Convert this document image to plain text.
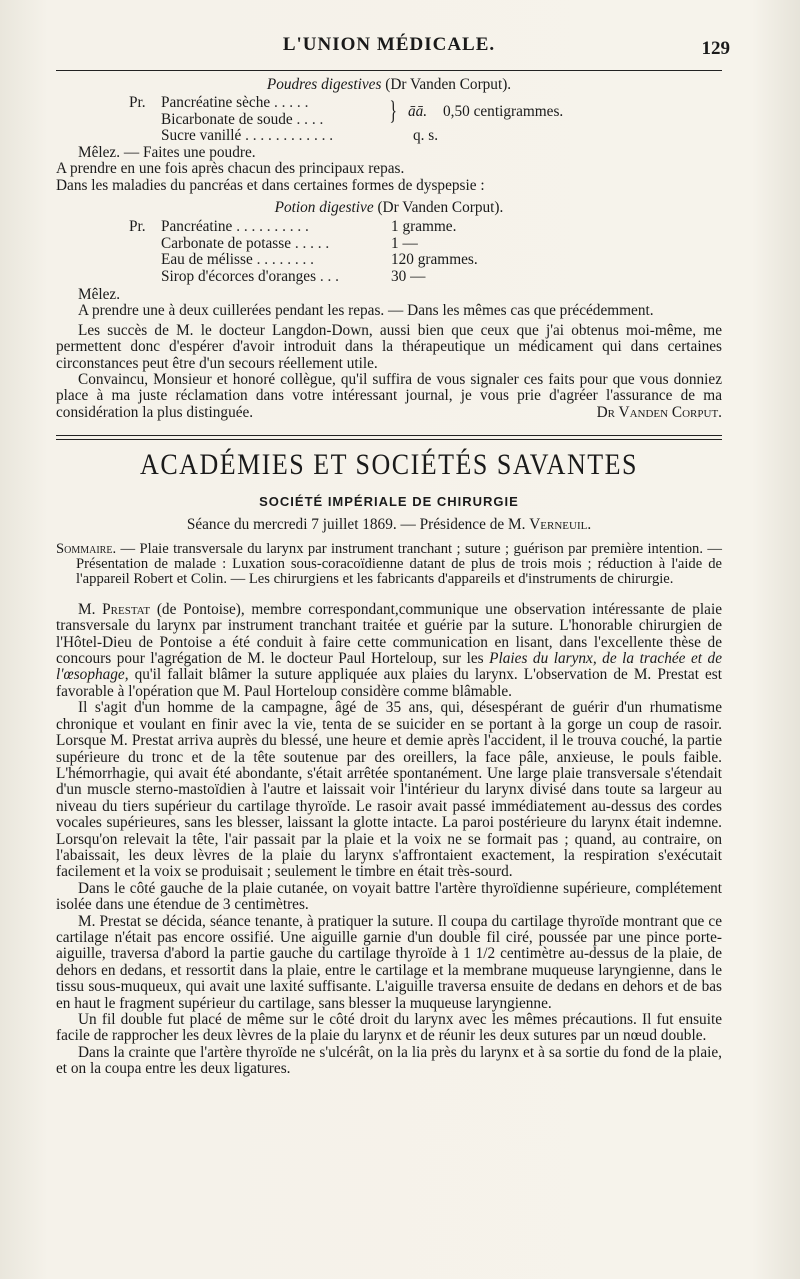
L'UNION MÉDICALE.	129
Poudres digestives (Dr Vanden Corput).
Pr. Pancréatine sèche . . . . .
Bicarbonate de soude . . . .	} āā. 0,50 centigrammes.
Sucre vanillé . . . . . . . . . . . .	q. s.
Mêlez. — Faites une poudre.
A prendre en une fois après chacun des principaux repas.
Dans les maladies du pancréas et dans certaines formes de dyspepsie :
Potion digestive (Dr Vanden Corput).
Pr. Pancréatine . . . . . . . . . .	1 gramme.
Carbonate de potasse . . . . .	1 —
Eau de mélisse . . . . . . . .	120 grammes.
Sirop d'écorces d'oranges . . .	30 —
Mêlez.

A prendre une à deux cuillerées pendant les repas. — Dans les mêmes cas que précédemment.

Les succès de M. le docteur Langdon-Down, aussi bien que ceux que j'ai obtenus moi-même, me permettent donc d'espérer d'avoir introduit dans la thérapeutique un médicament qui dans certaines circonstances peut être d'un secours réellement utile.

Convaincu, Monsieur et honoré collègue, qu'il suffira de vous signaler ces faits pour que vous donniez place à ma juste réclamation dans votre intéressant journal, je vous prie d'agréer l'assurance de ma considération la plus distinguée.	Dr Vanden Corput.

ACADÉMIES ET SOCIÉTÉS SAVANTES
SOCIÉTÉ IMPÉRIALE DE CHIRURGIE
Séance du mercredi 7 juillet 1869. — Présidence de M. Verneuil.

Sommaire. — Plaie transversale du larynx par instrument tranchant ; suture ; guérison par première intention. — Présentation de malade : Luxation sous-coracoïdienne datant de plus de trois mois ; réduction à l'aide de l'appareil Robert et Colin. — Les chirurgiens et les fabricants d'appareils et d'instruments de chirurgie.

M. Prestat (de Pontoise), membre correspondant,communique une observation intéressante de plaie transversale du larynx par instrument tranchant traitée et guérie par la suture. L'honorable chirurgien de l'Hôtel-Dieu de Pontoise a été conduit à faire cette communication en lisant, dans l'excellente thèse de concours pour l'agrégation de M. le docteur Paul Horteloup, sur les Plaies du larynx, de la trachée et de l'œsophage, qu'il fallait blâmer la suture appliquée aux plaies du larynx. L'observation de M. Prestat est favorable à l'opération que M. Paul Horteloup considère comme blâmable.

Il s'agit d'un homme de la campagne, âgé de 35 ans, qui, désespérant de guérir d'un rhumatisme chronique et voulant en finir avec la vie, tenta de se suicider en se portant à la gorge un coup de rasoir. Lorsque M. Prestat arriva auprès du blessé, une heure et demie après l'accident, il le trouva couché, la partie supérieure du tronc et de la tête soutenue par des oreillers, la face pâle, anxieuse, le pouls faible. L'hémorrhagie, qui avait été abondante, s'était arrêtée spontanément. Une large plaie transversale s'étendait d'un muscle sterno-mastoïdien à l'autre et laissait voir l'intérieur du larynx divisé dans toute sa largeur au niveau du tiers supérieur du cartilage thyroïde. Le rasoir avait passé immédiatement au-dessus des cordes vocales supérieures, sans les blesser, laissant la glotte intacte. La paroi postérieure du larynx était indemne. Lorsqu'on relevait la tête, l'air passait par la plaie et la voix ne se formait pas ; quand, au contraire, on l'abaissait, les deux lèvres de la plaie du larynx s'affrontaient exactement, la respiration s'exécutait facilement et la voix se produisait ; seulement le timbre en était très-sourd.

Dans le côté gauche de la plaie cutanée, on voyait battre l'artère thyroïdienne supérieure, complétement isolée dans une étendue de 3 centimètres.

M. Prestat se décida, séance tenante, à pratiquer la suture. Il coupa du cartilage thyroïde montrant que ce cartilage n'était pas encore ossifié. Une aiguille garnie d'un double fil ciré, poussée par une pince porte-aiguille, traversa d'abord la partie gauche du cartilage thyroïde à 1 1/2 centimètre au-dessus de la plaie, de dehors en dedans, et ressortit dans la plaie, entre le cartilage et la membrane muqueuse laryngienne, dans le tissu sous-muqueux, qui avait une laxité suffisante. L'aiguille traversa ensuite de dedans en dehors et de bas en haut le fragment supérieur du cartilage, sans blesser la muqueuse laryngienne.

Un fil double fut placé de même sur le côté droit du larynx avec les mêmes précautions. Il fut ensuite facile de rapprocher les deux lèvres de la plaie du larynx et de réunir les deux sutures par un nœud double.

Dans la crainte que l'artère thyroïde ne s'ulcérât, on la lia près du larynx et à sa sortie du fond de la plaie, et on la coupa entre les deux ligatures.
